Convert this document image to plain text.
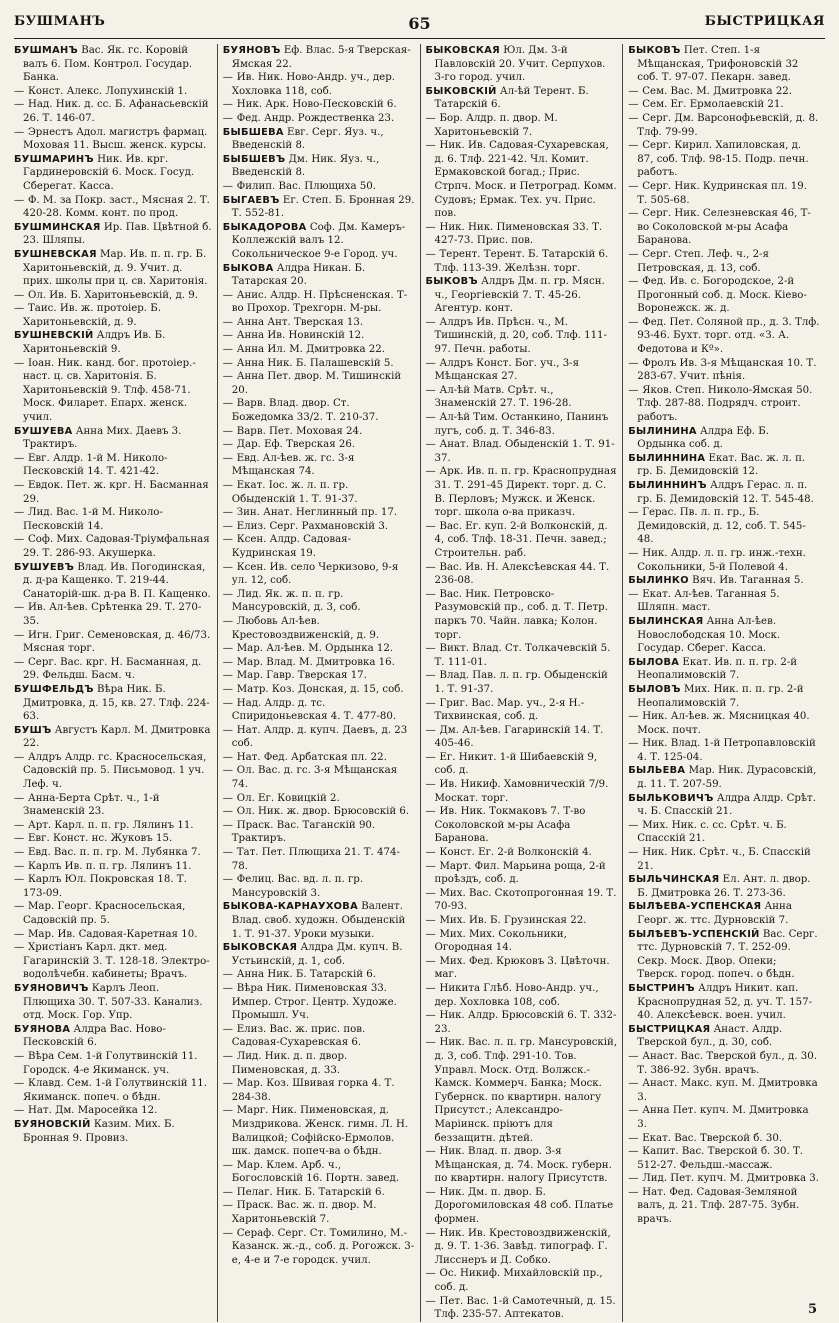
БУШМАНЪ	65	БЫСТРИЦКАЯ

БУШМАНЪ Вас. Як. гс. Коровій валъ 6. Пом. Контрол. Государ. Банка.

— Конст. Алекс. Лопухинскій 1.

— Над. Ник. д. сс. Б. Афанасьевскій 26. Т. 146-07.

— Эрнестъ Адол. магистръ фармац. Моховая 11. Высш. женск. курсы.

БУШМАРИНЪ Ник. Ив. крг. Гардинеровскій 6. Моск. Госуд. Сберегат. Касса.

— Ф. М. за Покр. заст., Мясная 2. Т. 420-28. Комм. конт. по прод.

БУШМИНСКАЯ Ир. Пав. Цвѣтной б. 23. Шляпы.

БУШНЕВСКАЯ Мар. Ив. п. п. гр. Б. Харитоньевскій, д. 9. Учит. д. прих. школы при ц. св. Харитонія.

— Ол. Ив. Б. Харитоньевскій, д. 9.

— Таис. Ив. ж. протоіер. Б. Харитоньевскій, д. 9.

БУШНЕВСКІЙ Алдръ Ив. Б. Харитоньевскій 9.

— Іоан. Ник. канд. бог. протоіер.-наст. ц. св. Харитонія. Б. Харитоньевскій 9. Тлф. 458-71. Моск. Филарет. Епарх. женск. учил.

БУШУЕВА Анна Мих. Даевъ 3. Трактиръ.

— Евг. Алдр. 1-й М. Николо-Песковскій 14. Т. 421-42.

— Евдок. Пет. ж. крг. Н. Басманная 29.

— Лид. Вас. 1-й М. Николо-Песковскій 14.

— Соф. Мих. Садовая-Тріумфальная 29. Т. 286-93. Акушерка.

БУШУЕВЪ Влад. Ив. Погодинская, д. д-ра Кащенко. Т. 219-44. Санаторій-шк. д-ра В. П. Кащенко.

— Ив. Ал-ѣев. Срѣтенка 29. Т. 270-35.

— Игн. Григ. Семеновская, д. 46/73. Мясная торг.

— Серг. Вас. крг. Н. Басманная, д. 29. Фельдш. Басм. ч.

БУШФЕЛЬДЪ Вѣра Ник. Б. Дмитровка, д. 15, кв. 27. Тлф. 224-63.

БУШЪ Августъ Карл. М. Дмитровка 22.

— Алдръ Алдр. гс. Красносельская, Садовскій пр. 5. Письмовод. 1 уч. Леф. ч.

— Анна-Берта Срѣт. ч., 1-й Знаменскій 23.

— Арт. Карл. п. п. гр. Лялинъ 11.

— Евг. Конст. нс. Жуковъ 15.

— Евд. Вас. п. п. гр. М. Лубянка 7.

— Карлъ Ив. п. п. гр. Лялинъ 11.

— Карлъ Юл. Покровская 18. Т. 173-09.

— Мар. Георг. Красносельская, Садовскій пр. 5.

— Мар. Ив. Садовая-Каретная 10.

— Христіанъ Карл. дкт. мед. Гагаринскій 3. Т. 128-18. Электро-водолѣчебн. кабинеты; Врачъ.

БУЯНОВИЧЪ Карлъ Леоп. Плющиха 30. Т. 507-33. Канализ. отд. Моск. Гор. Упр.

БУЯНОВА Алдра Вас. Ново-Песковскій 6.

— Вѣра Сем. 1-й Голутвинскій 11. Городск. 4-е Якиманск. уч.

— Клавд. Сем. 1-й Голутвинскій 11. Якиманск. попеч. о бѣдн.

— Нат. Дм. Маросейка 12.

БУЯНОВСКІЙ Казим. Мих. Б. Бронная 9. Провиз.

БУЯНОВЪ Еф. Влас. 5-я Тверская-Ямская 22.

— Ив. Ник. Ново-Андр. уч., дер. Хохловка 118, соб.

— Ник. Арк. Ново-Песковскій 6.

— Фед. Андр. Рождественка 23.

БЫБШЕВА Евг. Серг. Яуз. ч., Введенскій 8.

БЫБШЕВЪ Дм. Ник. Яуз. ч., Введенскій 8.

— Филип. Вас. Плющиха 50.

БЫГАЕВЪ Ег. Степ. Б. Бронная 29. Т. 552-81.

БЫКАДОРОВА Соф. Дм. Камеръ-Коллежскій валъ 12. Сокольническое 9-е Город. уч.

БЫКОВА Алдра Никан. Б. Татарская 20.

— Анис. Алдр. Н. Прѣсненская. Т-во Прохор. Трехгорн. М-ры.

— Анна Ант. Тверская 13.

— Анна Ив. Новинскій 12.

— Анна Ил. М. Дмитровка 22.

— Анна Ник. Б. Палашевскій 5.

— Анна Пет. двор. М. Тишинскій 20.

— Варв. Влад. двор. Ст. Божедомка 33/2. Т. 210-37.

— Варв. Пет. Моховая 24.

— Дар. Еф. Тверская 26.

— Евд. Ал-ѣев. ж. гс. 3-я Мѣщанская 74.

— Екат. Іос. ж. л. п. гр. Обыденскій 1. Т. 91-37.

— Зин. Анат. Неглинный пр. 17.

— Елиз. Серг. Рахмановскій 3.

— Ксен. Алдр. Садовая-Кудринская 19.

— Ксен. Ив. село Черкизово, 9-я ул. 12, соб.

— Лид. Як. ж. п. п. гр. Мансуровскій, д. 3, соб.

— Любовь Ал-ѣев. Крестовоздвиженскій, д. 9.

— Мар. Ал-ѣев. М. Ордынка 12.

— Мар. Влад. М. Дмитровка 16.

— Мар. Гавр. Тверская 17.

— Матр. Коз. Донская, д. 15, соб.

— Над. Алдр. д. тс. Спиридоньевская 4. Т. 477-80.

— Нат. Алдр. д. купч. Даевъ, д. 23 соб.

— Нат. Фед. Арбатская пл. 22.

— Ол. Вас. д. гс. 3-я Мѣщанская 74.

— Ол. Ег. Ковицкій 2.

— Ол. Ник. ж. двор. Брюсовскій 6.

— Праск. Вас. Таганскій 90. Трактиръ.

— Тат. Пет. Плющиха 21. Т. 474-78.

— Фелиц. Вас. вд. л. п. гр. Мансуровскій 3.

БЫКОВА-КАРНАУХОВА Валент. Влад. своб. художн. Обыденскій 1. Т. 91-37. Уроки музыки.

БЫКОВСКАЯ Алдра Дм. купч. В. Устьинскій, д. 1, соб.

— Анна Ник. Б. Татарскій 6.

— Вѣра Ник. Пименовская 33. Импер. Строг. Центр. Художе. Промышл. Уч.

— Елиз. Вас. ж. прис. пов. Садовая-Сухаревская 6.

— Лид. Ник. д. п. двор. Пименовская, д. 33.

— Мар. Коз. Швивая горка 4. Т. 284-38.

— Марг. Ник. Пименовская, д. Миздрикова. Женск. гимн. Л. Н. Валицкой; Софійско-Ермолов. шк. дамск. попеч-ва о бѣдн.

— Мар. Клем. Арб. ч., Богословскій 16. Портн. завед.

— Пелаг. Ник. Б. Татарскій 6.

— Праск. Вас. ж. п. двор. М. Харитоньевскій 7.

— Сераф. Серг. Ст. Томилино, М.-Казанск. ж.-д., соб. д. Рогожск. 3-е, 4-е и 7-е городск. учил.

БЫКОВСКАЯ Юл. Дм. 3-й Павловскій 20. Учит. Серпухов. 3-го город. учил.

БЫКОВСКІЙ Ал-ѣй Терент. Б. Татарскій 6.

— Бор. Алдр. п. двор. М. Харитоньевскій 7.

— Ник. Ив. Садовая-Сухаревская, д. 6. Тлф. 221-42. Чл. Комит. Ермаковской богад.; Прис. Стрпч. Моск. и Петроград. Комм. Судовъ; Ермак. Тех. уч. Прис. пов.

— Ник. Ник. Пименовская 33. Т. 427-73. Прис. пов.

— Терент. Терент. Б. Татарскій 6. Тлф. 113-39. Желѣзн. торг.

БЫКОВЪ Алдръ Дм. п. гр. Мясн. ч., Георгіевскій 7. Т. 45-26. Агентур. конт.

— Алдръ Ив. Прѣсн. ч., М. Тишинскій, д. 20, соб. Тлф. 111-97. Печн. работы.

— Алдръ Конст. Бог. уч., 3-я Мѣщанская 27.

— Ал-ѣй Матв. Срѣт. ч., Знаменскій 27. Т. 196-28.

— Ал-ѣй Тим. Останкино, Панинъ лугъ, соб. д. Т. 346-83.

— Анат. Влад. Обыденскій 1. Т. 91-37.

— Арк. Ив. п. п. гр. Краснопрудная 31. Т. 291-45 Директ. торг. д. С. В. Перловъ; Мужск. и Женск. торг. школа о-ва приказч.

— Вас. Ег. куп. 2-й Волконскій, д. 4, соб. Тлф. 18-31. Печн. завед.; Строительн. раб.

— Вас. Ив. Н. Алексѣевская 44. Т. 236-08.

— Вас. Ник. Петровско-Разумовскій пр., соб. д. Т. Петр. паркъ 70. Чайн. лавка; Колон. торг.

— Викт. Влад. Ст. Толкачевскій 5. Т. 111-01.

— Влад. Пав. л. п. гр. Обыденскій 1. Т. 91-37.

— Григ. Вас. Мар. уч., 2-я Н.-Тихвинская, соб. д.

— Дм. Ал-ѣев. Гагаринскій 14. Т. 405-46.

— Ег. Никит. 1-й Шибаевскій 9, соб. д.

— Ив. Никиф. Хамовническій 7/9. Москат. торг.

— Ив. Ник. Токмаковъ 7. Т-во Соколовской м-ры Асафа Баранова.

— Конст. Ег. 2-й Волконскій 4.

— Март. Фил. Марьина роща, 2-й проѣздъ, соб. д.

— Мих. Вас. Скотопрогонная 19. Т. 70-93.

— Мих. Ив. Б. Грузинская 22.

— Мих. Мих. Сокольники, Огородная 14.

— Мих. Фед. Крюковъ 3. Цвѣточн. маг.

— Никита Глѣб. Ново-Андр. уч., дер. Хохловка 108, соб.

— Ник. Алдр. Брюсовскій 6. Т. 332-23.

— Ник. Вас. л. п. гр. Мансуровскій, д. 3, соб. Тлф. 291-10. Тов. Управл. Моск. Отд. Волжск.-Камск. Коммерч. Банка; Моск. Губернск. по квартирн. налогу Присутст.; Александро-Маріинск. пріютъ для беззащитн. дѣтей.

— Ник. Влад. п. двор. 3-я Мѣщанская, д. 74. Моск. губерн. по квартирн. налогу Присутств.

— Ник. Дм. п. двор. Б. Дорогомиловская 48 соб. Платье формен.

— Ник. Ив. Крестовоздвиженскій, д. 9. Т. 1-36. Завѣд. типограф. Г. Лисснеръ и Д. Собко.

— Ос. Никиф. Михайловскій пр., соб. д.

— Пет. Вас. 1-й Самотечный, д. 15. Тлф. 235-57. Аптекатов.

БЫКОВЪ Пет. Степ. 1-я Мѣщанская, Трифоновскій 32 соб. Т. 97-07. Пекарн. завед.

— Сем. Вас. М. Дмитровка 22.

— Сем. Ег. Ермолаевскій 21.

— Серг. Дм. Варсонофьевскій, д. 8. Тлф. 79-99.

— Серг. Кирил. Хапиловская, д. 87, соб. Тлф. 98-15. Подр. печн. работъ.

— Серг. Ник. Кудринская пл. 19. Т. 505-68.

— Серг. Ник. Селезневская 46, Т-во Соколовской м-ры Асафа Баранова.

— Серг. Степ. Леф. ч., 2-я Петровская, д. 13, соб.

— Фед. Ив. с. Богородское, 2-й Прогонный соб. д. Моск. Кіево-Воронежск. ж. д.

— Фед. Пет. Соляной пр., д. 3. Тлф. 93-46. Бухт. торг. отд. «З. А. Федотова и Кº».

— Фролъ Ив. 3-я Мѣщанская 10. Т. 283-67. Учит. пѣнія.

— Яков. Степ. Николо-Ямская 50. Тлф. 287-88. Подрядч. строит. работъ.

БЫЛИНИНА Алдра Еф. Б. Ордынка соб. д.

БЫЛИННИНА Екат. Вас. ж. л. п. гр. Б. Демидовскій 12.

БЫЛИННИНЪ Алдръ Герас. л. п. гр. Б. Демидовскій 12. Т. 545-48.

— Герас. Пв. л. п. гр., Б. Демидовскій, д. 12, соб. Т. 545-48.

— Ник. Алдр. л. п. гр. инж.-техн. Сокольники, 5-й Полевой 4.

БЫЛИНКО Вяч. Ив. Таганная 5.

— Екат. Ал-ѣев. Таганная 5. Шляпн. маст.

БЫЛИНСКАЯ Анна Ал-ѣев. Новослободская 10. Моск. Государ. Сберег. Касса.

БЫЛОВА Екат. Ив. п. п. гр. 2-й Неопалимовскій 7.

БЫЛОВЪ Мих. Ник. п. п. гр. 2-й Неопалимовскій 7.

— Ник. Ал-ѣев. ж. Мясницкая 40. Моск. почт.

— Ник. Влад. 1-й Петропавловскій 4. Т. 125-04.

БЫЛЬЕВА Мар. Ник. Дурасовскій, д. 11. Т. 207-59.

БЫЛЬКОВИЧЪ Алдра Алдр. Срѣт. ч. Б. Спасскій 21.

— Мих. Ник. с. сс. Срѣт. ч. Б. Спасскій 21.

— Ник. Ник. Срѣт. ч., Б. Спасскій 21.

БЫЛЬЧИНСКАЯ Ел. Ант. л. двор. Б. Дмитровка 26. Т. 273-36.

БЫЛѢЕВА-УСПЕНСКАЯ Анна Георг. ж. ттс. Дурновскій 7.

БЫЛѢЕВЪ-УСПЕНСКІЙ Вас. Серг. ттс. Дурновскій 7. Т. 252-09. Секр. Моск. Двор. Опеки; Тверск. город. попеч. о бѣдн.

БЫСТРИНЪ Алдръ Никит. кап. Краснопрудная 52, д. уч. Т. 157-40. Алексѣевск. воен. учил.

БЫСТРИЦКАЯ Анаст. Алдр. Тверской бул., д. 30, соб.

— Анаст. Вас. Тверской бул., д. 30. Т. 386-92. Зубн. врачъ.

— Анаст. Макс. куп. М. Дмитровка 3.

— Анна Пет. купч. М. Дмитровка 3.

— Екат. Вас. Тверской б. 30.

— Капит. Вас. Тверской б. 30. Т. 512-27. Фельдш.-массаж.

— Лид. Пет. купч. М. Дмитровка 3.

— Нат. Фед. Садовая-Земляной валъ, д. 21. Тлф. 287-75. Зубн. врачъ.

5
